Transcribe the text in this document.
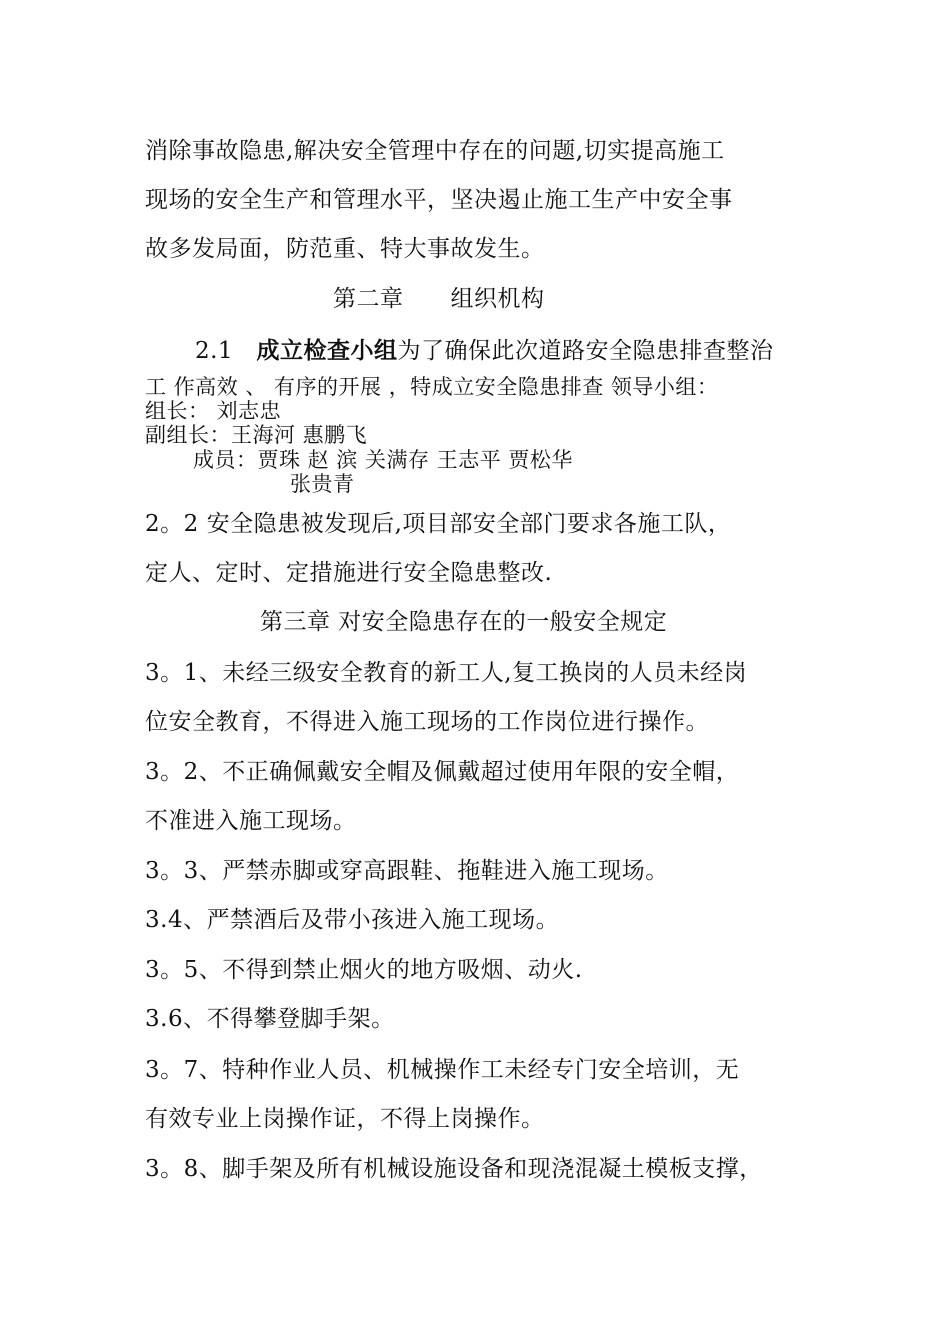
消除事故隐患,解决安全管理中存在的问题,切实提高施工
现场的安全生产和管理水平，坚决遏止施工生产中安全事
故多发局面，防范重、特大事故发生。
第二章　　组织机构
2.1 成立检查小组为了确保此次道路安全隐患排查整治
工 作高效 、 有序的开展 ，特成立安全隐患排查 领导小组：
组长： 刘志忠
副组长：王海河 惠鹏飞
成员：贾珠 赵 滨 关满存 王志平 贾松华
张贵青
2。2 安全隐患被发现后,项目部安全部门要求各施工队，
定人、定时、定措施进行安全隐患整改.
第三章 对安全隐患存在的一般安全规定
3。1、未经三级安全教育的新工人,复工换岗的人员未经岗
位安全教育，不得进入施工现场的工作岗位进行操作。
3。2、不正确佩戴安全帽及佩戴超过使用年限的安全帽，
不准进入施工现场。
3。3、严禁赤脚或穿高跟鞋、拖鞋进入施工现场。
3.4、严禁酒后及带小孩进入施工现场。
3。5、不得到禁止烟火的地方吸烟、动火.
3.6、不得攀登脚手架。
3。7、特种作业人员、机械操作工未经专门安全培训，无
有效专业上岗操作证，不得上岗操作。
3。8、脚手架及所有机械设施设备和现浇混凝土模板支撑，
